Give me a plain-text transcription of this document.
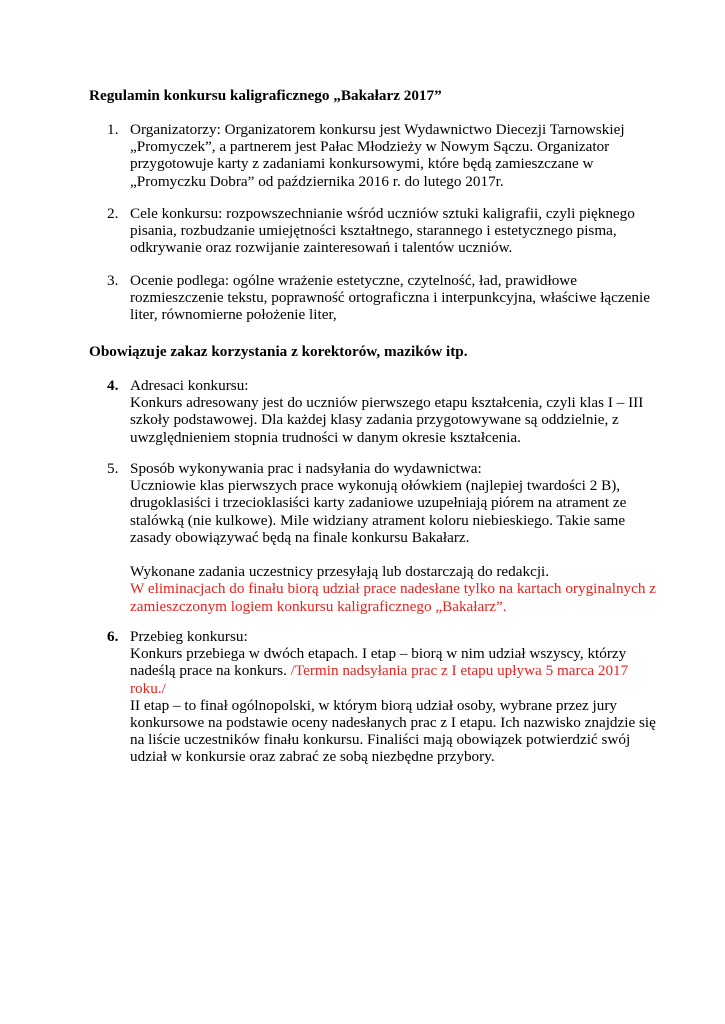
Regulamin konkursu kaligraficznego „Bakałarz 2017”
1. Organizatorzy: Organizatorem konkursu jest Wydawnictwo Diecezji Tarnowskiej
„Promyczek”, a partnerem jest Pałac Młodzieży w Nowym Sączu. Organizator
przygotowuje karty z zadaniami konkursowymi, które będą zamieszczane w
„Promyczku Dobra” od października 2016 r. do lutego 2017r.
2. Cele konkursu: rozpowszechnianie wśród uczniów sztuki kaligrafii, czyli pięknego
pisania, rozbudzanie umiejętności kształtnego, starannego i estetycznego pisma,
odkrywanie oraz rozwijanie zainteresowań i talentów uczniów.
3. Ocenie podlega: ogólne wrażenie estetyczne, czytelność, ład, prawidłowe
rozmieszczenie tekstu, poprawność ortograficzna i interpunkcyjna, właściwe łączenie
liter, równomierne położenie liter,
Obowiązuje zakaz korzystania z korektorów, mazików itp.
4. Adresaci konkursu:
Konkurs adresowany jest do uczniów pierwszego etapu kształcenia, czyli klas I – III
szkoły podstawowej. Dla każdej klasy zadania przygotowywane są oddzielnie, z
uwzględnieniem stopnia trudności w danym okresie kształcenia.
5. Sposób wykonywania prac i nadsyłania do wydawnictwa:
Uczniowie klas pierwszych prace wykonują ołówkiem (najlepiej twardości 2 B),
drugoklasiści i trzecioklasiści karty zadaniowe uzupełniają piórem na atrament ze
stalówką (nie kulkowe). Mile widziany atrament koloru niebieskiego. Takie same
zasady obowiązywać będą na finale konkursu Bakałarz.
Wykonane zadania uczestnicy przesyłają lub dostarczają do redakcji.
W eliminacjach do finału biorą udział prace nadesłane tylko na kartach oryginalnych z
zamieszczonym logiem konkursu kaligraficznego „Bakałarz”.
6. Przebieg konkursu:
Konkurs przebiega w dwóch etapach. I etap – biorą w nim udział wszyscy, którzy
nadeślą prace na konkurs. /Termin nadsyłania prac z I etapu upływa 5 marca 2017
roku./
II etap – to finał ogólnopolski, w którym biorą udział osoby, wybrane przez jury
konkursowe na podstawie oceny nadesłanych prac z I etapu. Ich nazwisko znajdzie się
na liście uczestników finału konkursu. Finaliści mają obowiązek potwierdzić swój
udział w konkursie oraz zabrać ze sobą niezbędne przybory.
